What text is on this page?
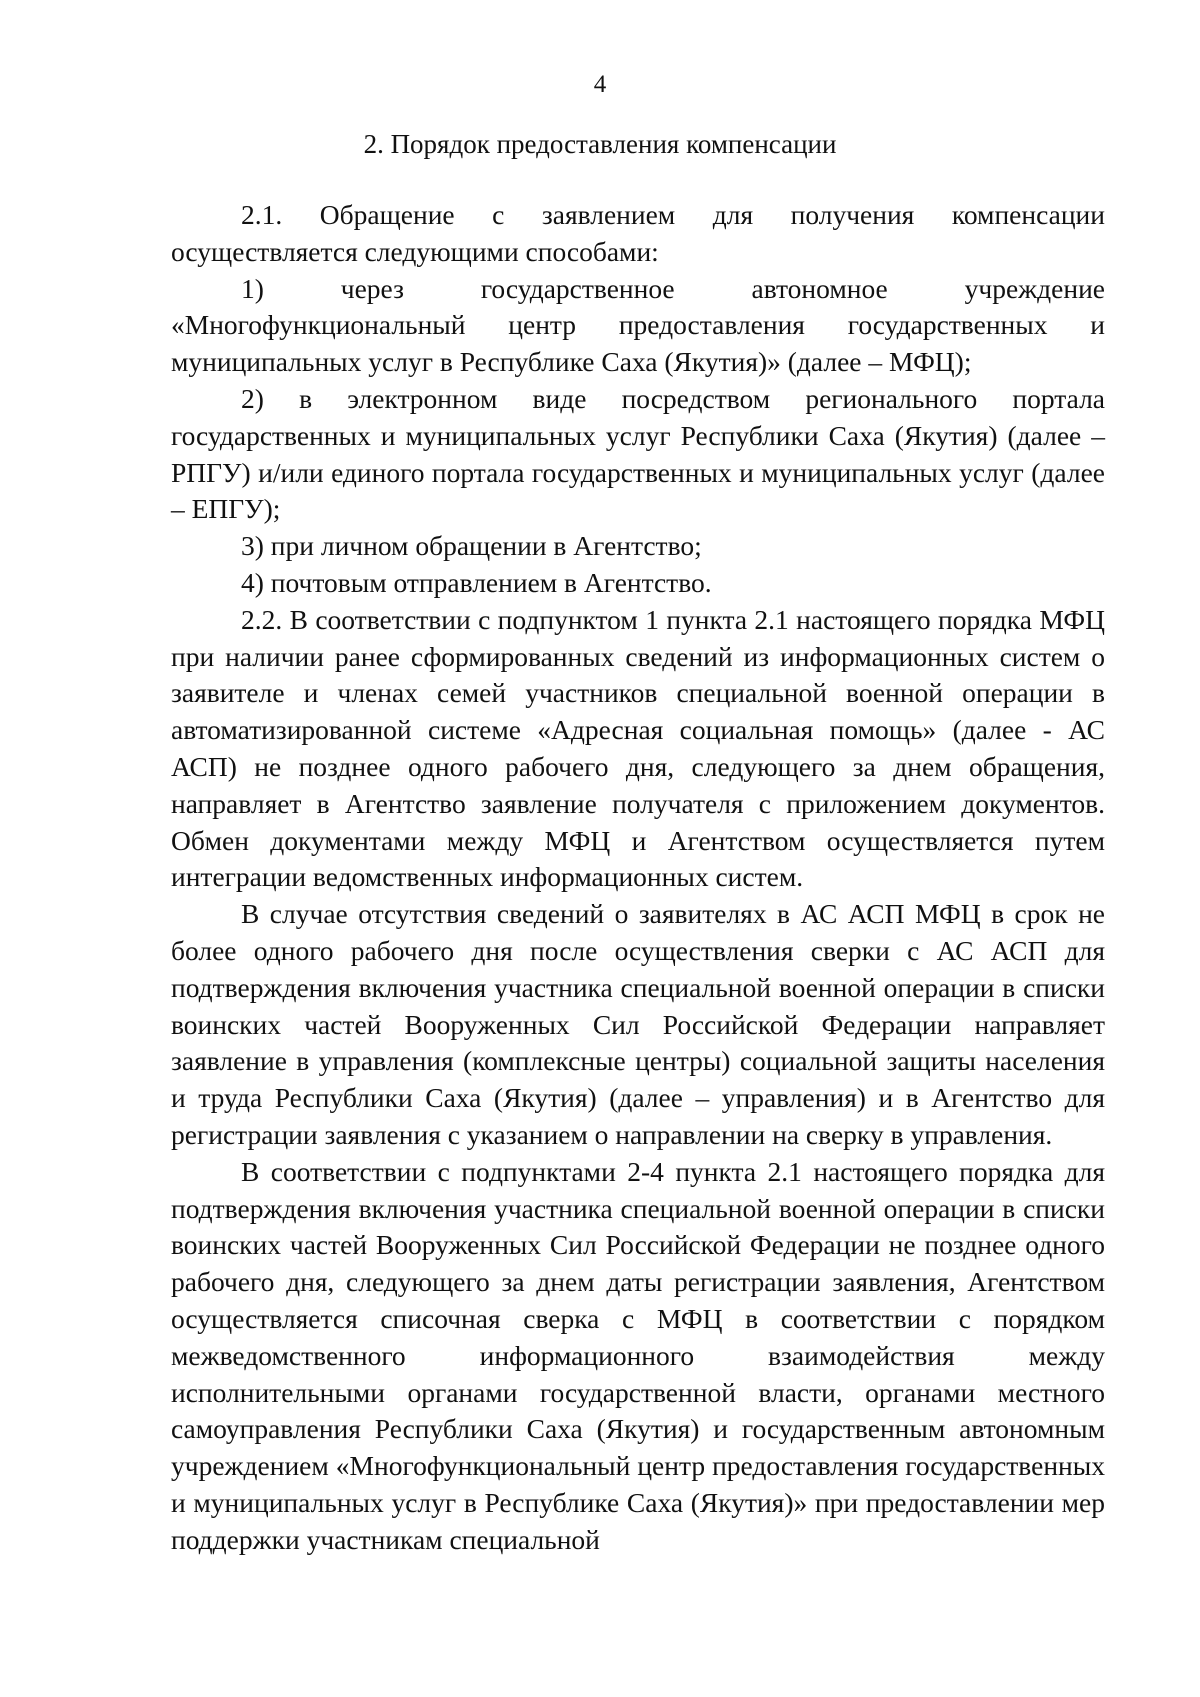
4
2. Порядок предоставления компенсации

2.1. Обращение с заявлением для получения компенсации осуществляется следующими способами:

1) через государственное автономное учреждение «Многофункциональный центр предоставления государственных и муниципальных услуг в Республике Саха (Якутия)» (далее – МФЦ);

2) в электронном виде посредством регионального портала государственных и муниципальных услуг Республики Саха (Якутия) (далее – РПГУ) и/или единого портала государственных и муниципальных услуг (далее – ЕПГУ);

3) при личном обращении в Агентство;

4) почтовым отправлением в Агентство.

2.2. В соответствии с подпунктом 1 пункта 2.1 настоящего порядка МФЦ при наличии ранее сформированных сведений из информационных систем о заявителе и членах семей участников специальной военной операции в автоматизированной системе «Адресная социальная помощь» (далее - АС АСП) не позднее одного рабочего дня, следующего за днем обращения, направляет в Агентство заявление получателя с приложением документов. Обмен документами между МФЦ и Агентством осуществляется путем интеграции ведомственных информационных систем.

В случае отсутствия сведений о заявителях в АС АСП МФЦ в срок не более одного рабочего дня после осуществления сверки с АС АСП для подтверждения включения участника специальной военной операции в списки воинских частей Вооруженных Сил Российской Федерации направляет заявление в управления (комплексные центры) социальной защиты населения и труда Республики Саха (Якутия) (далее – управления) и в Агентство для регистрации заявления с указанием о направлении на сверку в управления.

В соответствии с подпунктами 2-4 пункта 2.1 настоящего порядка для подтверждения включения участника специальной военной операции в списки воинских частей Вооруженных Сил Российской Федерации не позднее одного рабочего дня, следующего за днем даты регистрации заявления, Агентством осуществляется списочная сверка с МФЦ в соответствии с порядком межведомственного информационного взаимодействия между исполнительными органами государственной власти, органами местного самоуправления Республики Саха (Якутия) и государственным автономным учреждением «Многофункциональный центр предоставления государственных и муниципальных услуг в Республике Саха (Якутия)» при предоставлении мер поддержки участникам специальной
